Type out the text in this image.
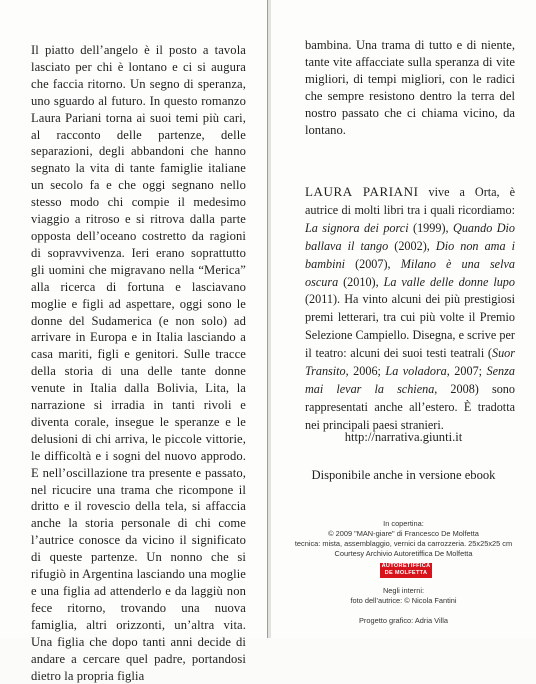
Il piatto dell’angelo è il posto a tavola lasciato per chi è lontano e ci si augura che faccia ritorno. Un segno di speranza, uno sguardo al futuro. In questo romanzo Laura Pariani torna ai suoi temi più cari, al racconto delle partenze, delle separazioni, degli abbandoni che hanno segnato la vita di tante famiglie italiane un secolo fa e che oggi segnano nello stesso modo chi compie il medesimo viaggio a ritroso e si ritrova dalla parte opposta dell’oceano costretto da ragioni di sopravvivenza. Ieri erano soprattutto gli uomini che migravano nella “Merica” alla ricerca di fortuna e lasciavano moglie e figli ad aspettare, oggi sono le donne del Sudamerica (e non solo) ad arrivare in Europa e in Italia lasciando a casa mariti, figli e genitori. Sulle tracce della storia di una delle tante donne venute in Italia dalla Bolivia, Lita, la narrazione si irradia in tanti rivoli e diventa corale, insegue le speranze e le delusioni di chi arriva, le piccole vittorie, le difficoltà e i sogni del nuovo approdo. E nell’oscillazione tra presente e passato, nel ricucire una trama che ricompone il dritto e il rovescio della tela, si affaccia anche la storia personale di chi come l’autrice conosce da vicino il significato di queste partenze. Un nonno che si rifugiò in Argentina lasciando una moglie e una figlia ad attenderlo e da laggiù non fece ritorno, trovando una nuova famiglia, altri orizzonti, un’altra vita. Una figlia che dopo tanti anni decide di andare a cercare quel padre, portandosi dietro la propria figlia

bambina. Una trama di tutto e di niente, tante vite affacciate sulla speranza di vite migliori, di tempi migliori, con le radici che sempre resistono dentro la terra del nostro passato che ci chiama vicino, da lontano.

LAURA PARIANI vive a Orta, è autrice di molti libri tra i quali ricordiamo: La signora dei porci (1999), Quando Dio ballava il tango (2002), Dio non ama i bambini (2007), Milano è una selva oscura (2010), La valle delle donne lupo (2011). Ha vinto alcuni dei più prestigiosi premi letterari, tra cui più volte il Premio Selezione Campiello. Disegna, e scrive per il teatro: alcuni dei suoi testi teatrali (Suor Transito, 2006; La voladora, 2007; Senza mai levar la schiena, 2008) sono rappresentati anche all’estero. È tradotta nei principali paesi stranieri.
http://narrativa.giunti.it
Disponibile anche in versione ebook
In copertina:
© 2009 "MAN-giare" di Francesco De Molfetta
tecnica: mista, assemblaggio, vernici da carrozzeria. 25x25x25 cm
Courtesy Archivio Autoretiffica De Molfetta
AUTORETIFFICA
DE MOLFETTA
Negli interni:
foto dell’autrice: © Nicola Fantini
Progetto grafico: Adria Villa
